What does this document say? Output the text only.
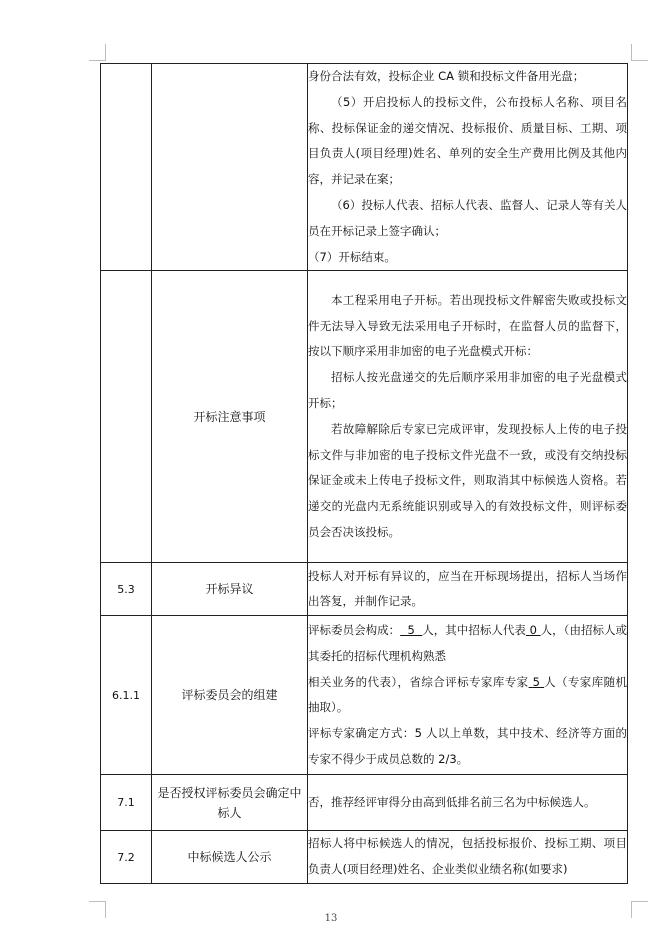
		身份合法有效，投标企业 CA 锁和投标文件备用光盘；

（5）开启投标人的投标文件，公布投标人名称、项目名称、投标保证金的递交情况、投标报价、质量目标、工期、项目负责人(项目经理)姓名、单列的安全生产费用比例及其他内容，并记录在案；

（6）投标人代表、招标人代表、监督人、记录人等有关人员在开标记录上签字确认；

（7）开标结束。

	开标注意事项	本工程采用电子开标。若出现投标文件解密失败或投标文件无法导入导致无法采用电子开标时，在监督人员的监督下，按以下顺序采用非加密的电子光盘模式开标：

招标人按光盘递交的先后顺序采用非加密的电子光盘模式开标；

若故障解除后专家已完成评审，发现投标人上传的电子投标文件与非加密的电子投标文件光盘不一致，或没有交纳投标保证金或未上传电子投标文件，则取消其中标候选人资格。若递交的光盘内无系统能识别或导入的有效投标文件，则评标委员会否决该投标。

5.3	开标异议	投标人对开标有异议的，应当在开标现场提出，招标人当场作出答复，并制作记录。

6.1.1	评标委员会的组建	评标委员会构成： 5 人，其中招标人代表 0 人，（由招标人或其委托的招标代理机构熟悉

相关业务的代表），省综合评标专家库专家 5 人（专家库随机抽取）。

评标专家确定方式：5 人以上单数，其中技术、经济等方面的专家不得少于成员总数的 2/3。

7.1	是否授权评标委员会确定中标人	否，推荐经评审得分由高到低排名前三名为中标候选人。

7.2	中标候选人公示	招标人将中标候选人的情况，包括投标报价、投标工期、项目负责人(项目经理)姓名、企业类似业绩名称(如要求)

13
